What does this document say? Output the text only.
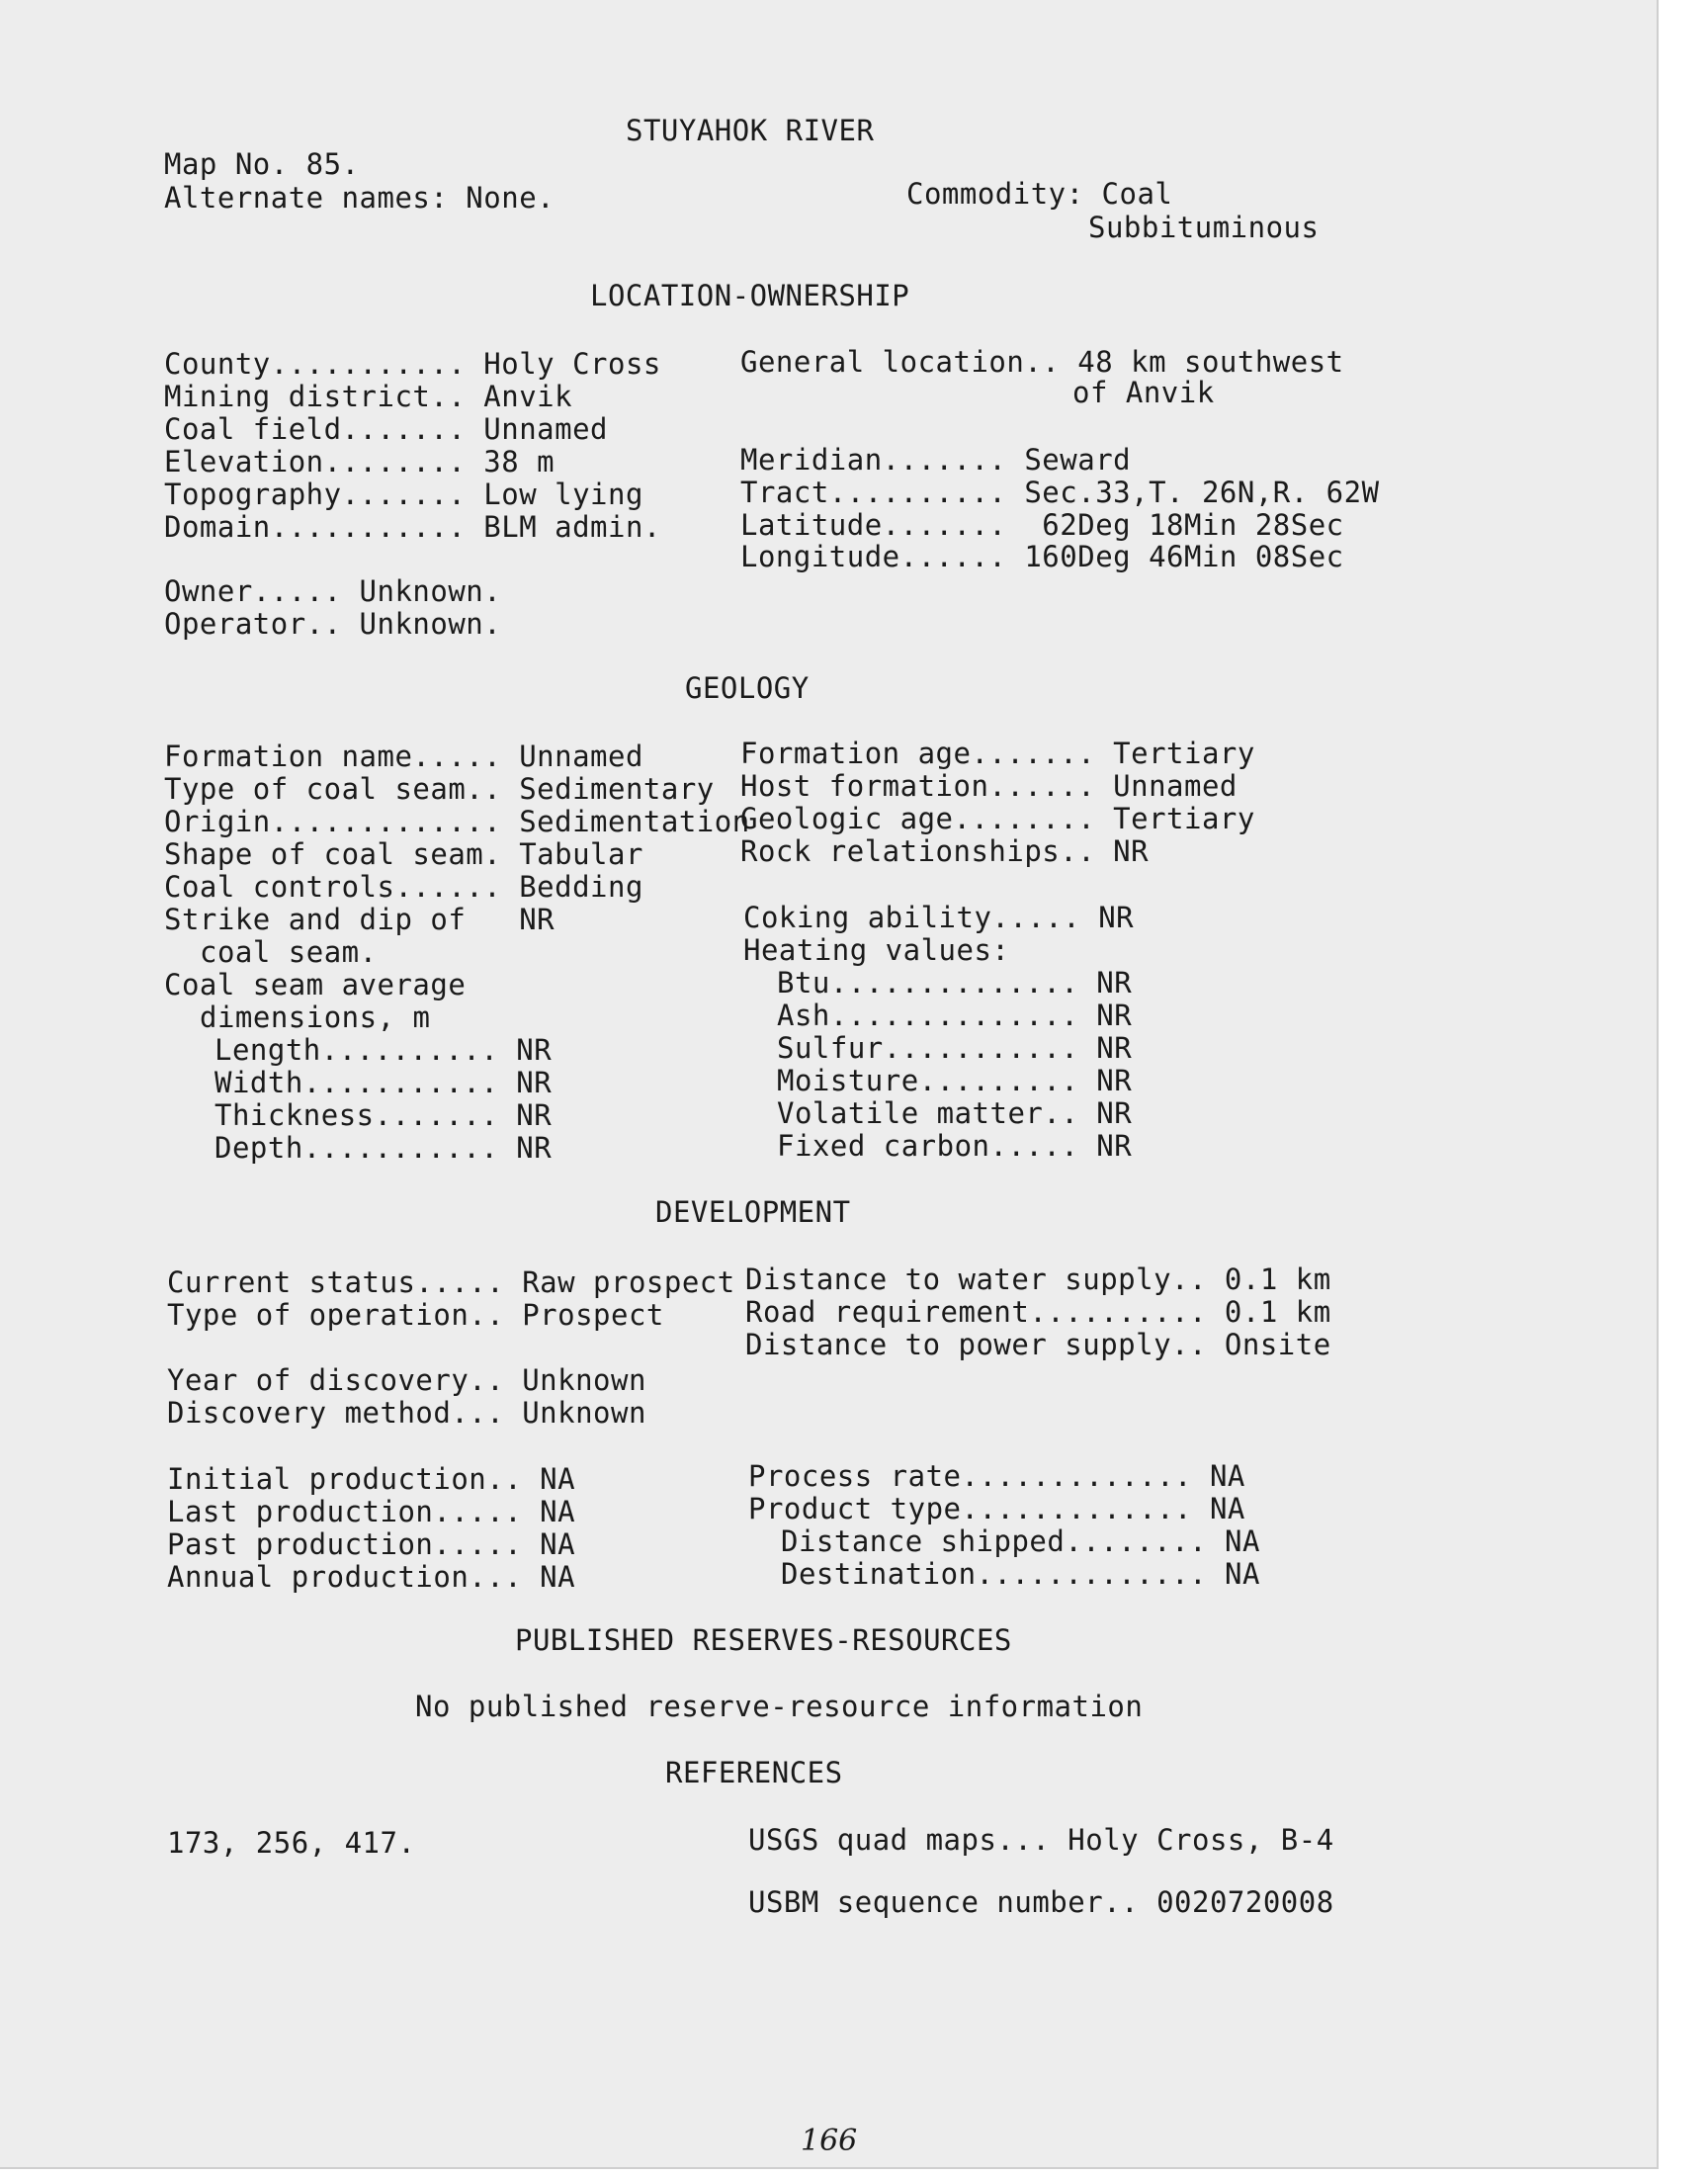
STUYAHOK RIVER
Map No. 85.
Alternate names: None.	Commodity: Coal
Subbituminous
LOCATION-OWNERSHIP
County........... Holy Cross
Mining district.. Anvik
Coal field....... Unnamed
Elevation........ 38 m
Topography....... Low lying
Domain........... BLM admin.
Owner..... Unknown.
Operator.. Unknown.
General location.. 48 km southwest
of Anvik
Meridian....... Seward
Tract.......... Sec.33,T. 26N,R. 62W
Latitude.......  62Deg 18Min 28Sec
Longitude...... 160Deg 46Min 08Sec
GEOLOGY
Formation name..... Unnamed
Type of coal seam.. Sedimentary
Origin............. Sedimentation
Shape of coal seam. Tabular
Coal controls...... Bedding
Strike and dip of   NR
coal seam.
Coal seam average
dimensions, m
Length.......... NR
Width........... NR
Thickness....... NR
Depth........... NR
Formation age....... Tertiary
Host formation...... Unnamed
Geologic age........ Tertiary
Rock relationships.. NR
Coking ability..... NR
Heating values:
Btu.............. NR
Ash.............. NR
Sulfur........... NR
Moisture......... NR
Volatile matter.. NR
Fixed carbon..... NR
DEVELOPMENT
Current status..... Raw prospect
Type of operation.. Prospect
Year of discovery.. Unknown
Discovery method... Unknown
Initial production.. NA
Last production..... NA
Past production..... NA
Annual production... NA
Distance to water supply.. 0.1 km
Road requirement.......... 0.1 km
Distance to power supply.. Onsite
Process rate............. NA
Product type............. NA
Distance shipped........ NA
Destination............. NA
PUBLISHED RESERVES-RESOURCES
No published reserve-resource information
REFERENCES
173, 256, 417.	USGS quad maps... Holy Cross, B-4
USBM sequence number.. 0020720008
166
